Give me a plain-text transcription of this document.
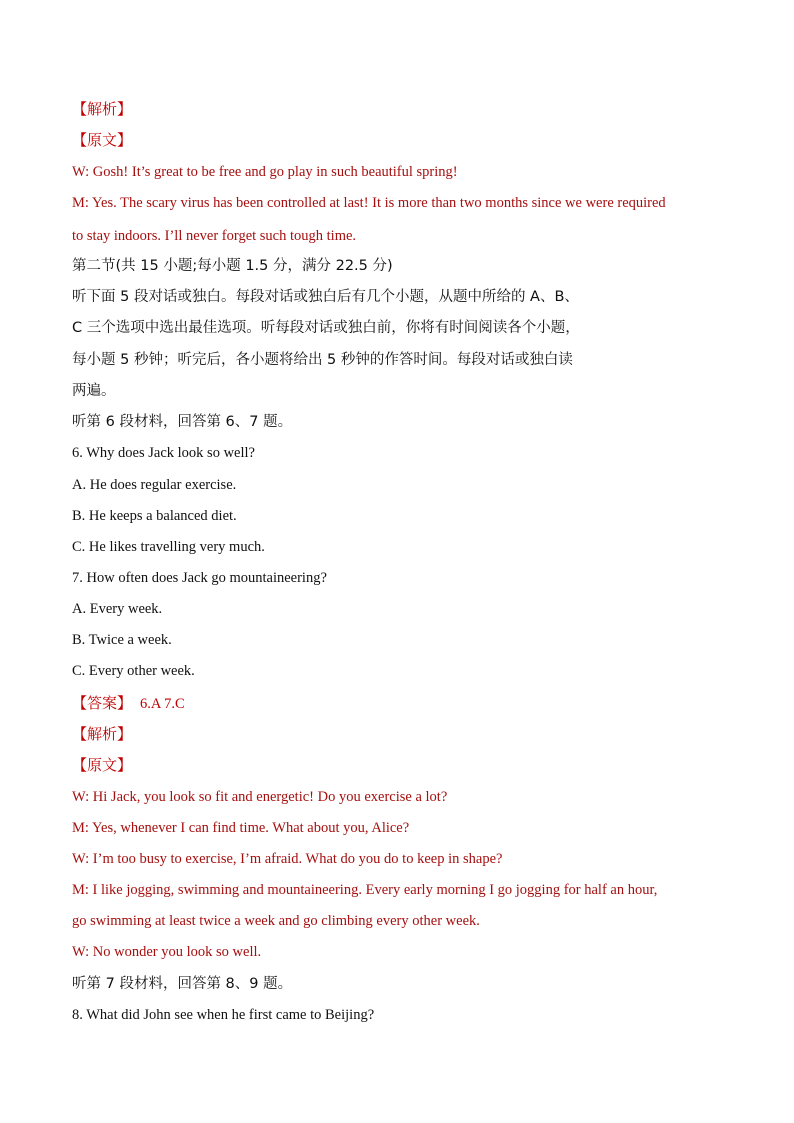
【解析】
【原文】
W: Gosh! It’s great to be free and go play in such beautiful spring!
M: Yes. The scary virus has been controlled at last! It is more than two months since we were required
to stay indoors. I’ll never forget such tough time.
第二节(共 15 小题;每小题 1.5 分，满分 22.5 分)
听下面 5 段对话或独白。每段对话或独白后有几个小题，从题中所给的 A、B、
C 三个选项中选出最佳选项。听每段对话或独白前，你将有时间阅读各个小题，
每小题 5 秒钟；听完后，各小题将给出 5 秒钟的作答时间。每段对话或独白读
两遍。
听第 6 段材料，回答第 6、7 题。
6. Why does Jack look so well?
A. He does regular exercise.
B. He keeps a balanced diet.
C. He likes travelling very much.
7. How often does Jack go mountaineering?
A. Every week.
B. Twice a week.
C. Every other week.
【答案】 6.A 7.C
【解析】
【原文】
W: Hi Jack, you look so fit and energetic! Do you exercise a lot?
M: Yes, whenever I can find time. What about you, Alice?
W: I’m too busy to exercise, I’m afraid. What do you do to keep in shape?
M: I like jogging, swimming and mountaineering. Every early morning I go jogging for half an hour,
go swimming at least twice a week and go climbing every other week.
W: No wonder you look so well.
听第 7 段材料，回答第 8、9 题。
8. What did John see when he first came to Beijing?
